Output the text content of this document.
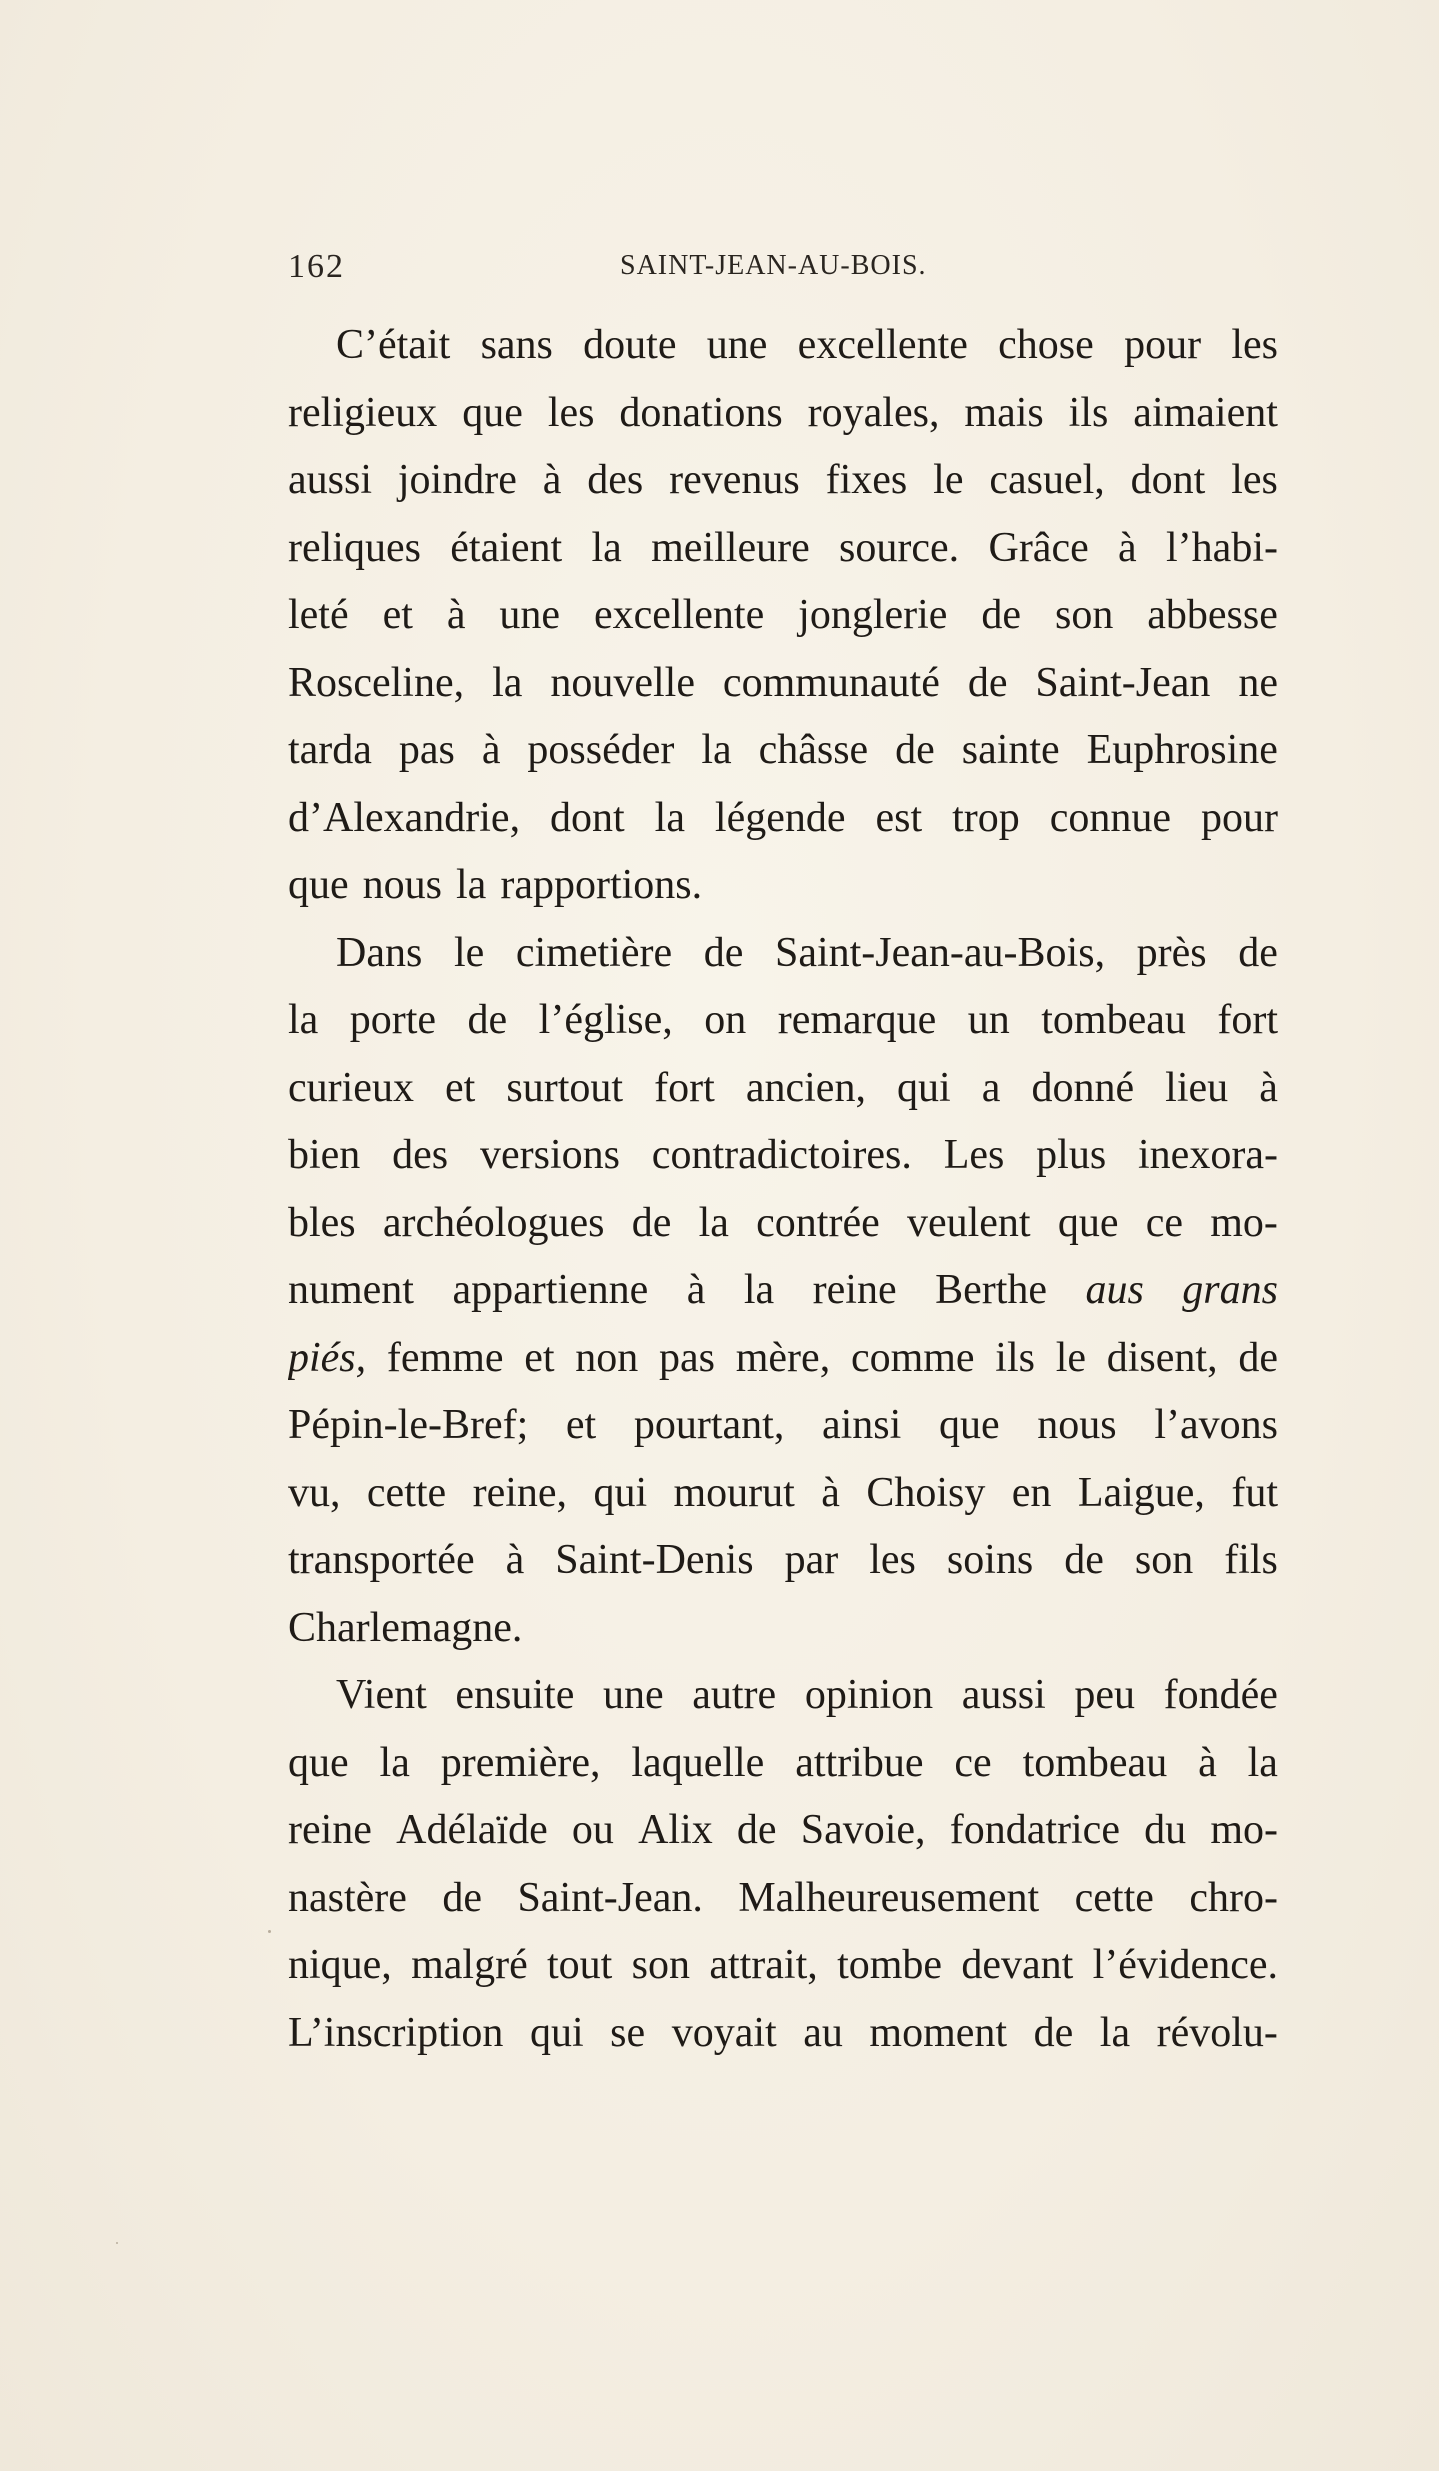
162	SAINT-JEAN-AU-BOIS.
C’était sans doute une excellente chose pour les
religieux que les donations royales, mais ils aimaient
aussi joindre à des revenus fixes le casuel, dont les
reliques étaient la meilleure source. Grâce à l’habi-
leté et à une excellente jonglerie de son abbesse
Rosceline, la nouvelle communauté de Saint-Jean ne
tarda pas à posséder la châsse de sainte Euphrosine
d’Alexandrie, dont la légende est trop connue pour
que nous la rapportions.
Dans le cimetière de Saint-Jean-au-Bois, près de
la porte de l’église, on remarque un tombeau fort
curieux et surtout fort ancien, qui a donné lieu à
bien des versions contradictoires. Les plus inexora-
bles archéologues de la contrée veulent que ce mo-
nument appartienne à la reine Berthe aus grans
piés, femme et non pas mère, comme ils le disent, de
Pépin-le-Bref; et pourtant, ainsi que nous l’avons
vu, cette reine, qui mourut à Choisy en Laigue, fut
transportée à Saint-Denis par les soins de son fils
Charlemagne.
Vient ensuite une autre opinion aussi peu fondée
que la première, laquelle attribue ce tombeau à la
reine Adélaïde ou Alix de Savoie, fondatrice du mo-
nastère de Saint-Jean. Malheureusement cette chro-
nique, malgré tout son attrait, tombe devant l’évidence.
L’inscription qui se voyait au moment de la révolu-
